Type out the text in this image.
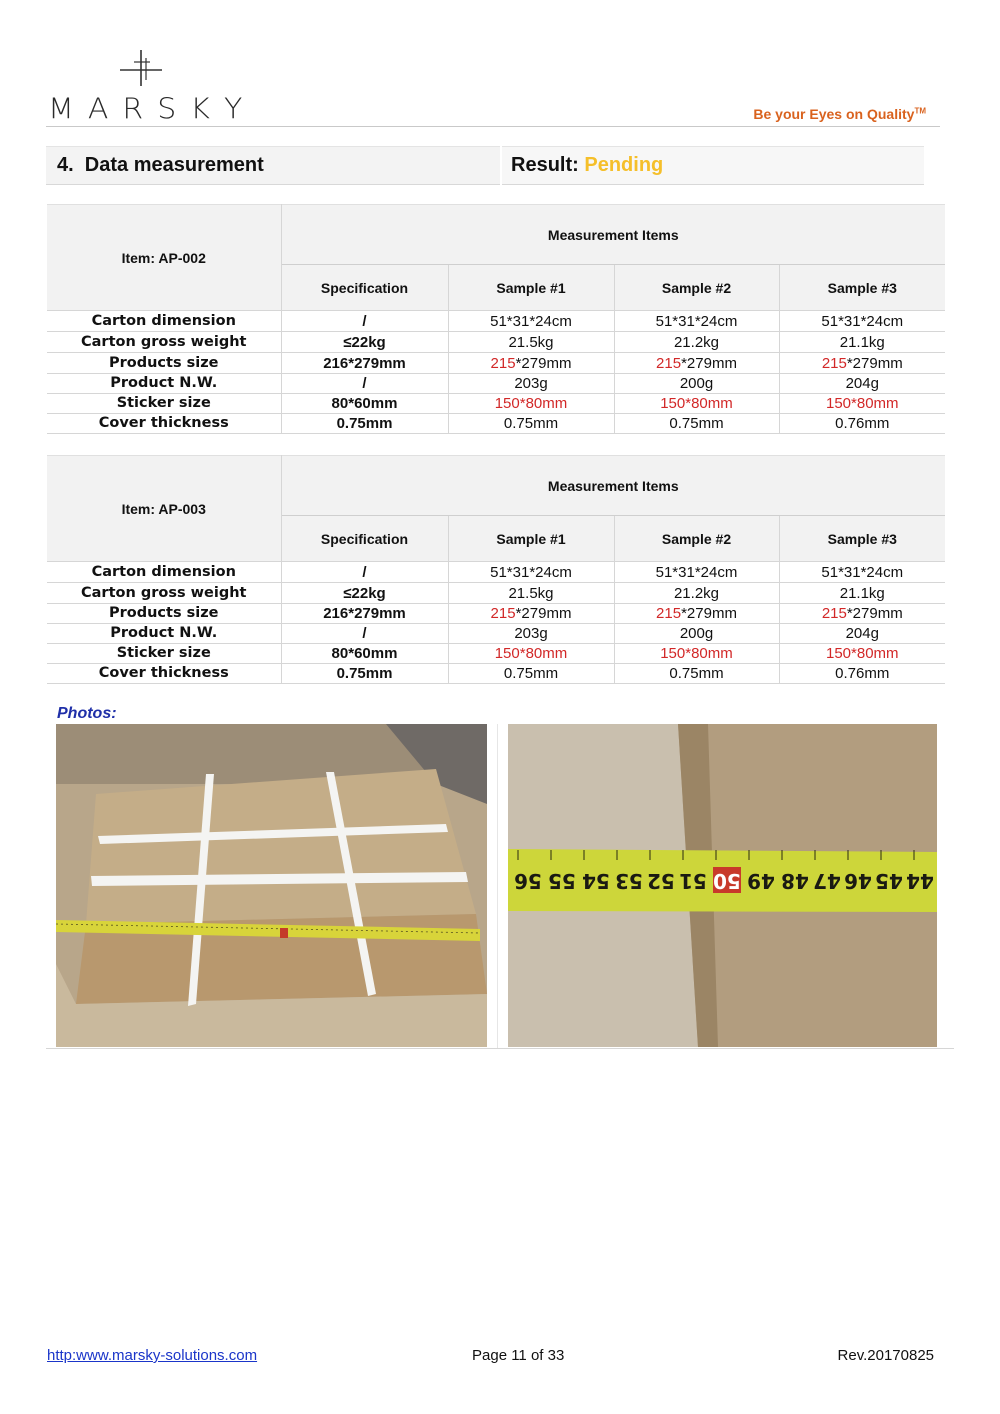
MARSKY	Be your Eyes on Quality™
4.  Data measurement	Result: Pending
Item: AP-002	Measurement Items			
	Specification	Sample #1	Sample #2	Sample #3
Carton dimension	/	51*31*24cm	51*31*24cm	51*31*24cm
Carton gross weight	≤22kg	21.5kg	21.2kg	21.1kg
Products size	216*279mm	215*279mm	215*279mm	215*279mm
Product N.W.	/	203g	200g	204g
Sticker size	80*60mm	150*80mm	150*80mm	150*80mm
Cover thickness	0.75mm	0.75mm	0.75mm	0.76mm
Item: AP-003	Measurement Items			
	Specification	Sample #1	Sample #2	Sample #3
Carton dimension	/	51*31*24cm	51*31*24cm	51*31*24cm
Carton gross weight	≤22kg	21.5kg	21.2kg	21.1kg
Products size	216*279mm	215*279mm	215*279mm	215*279mm
Product N.W.	/	203g	200g	204g
Sticker size	80*60mm	150*80mm	150*80mm	150*80mm
Cover thickness	0.75mm	0.75mm	0.75mm	0.76mm
Photos:
56 55 54 53 52 51 50 49 48 47 46 45 44
http:www.marsky-solutions.com	Page 11 of 33	Rev.20170825
